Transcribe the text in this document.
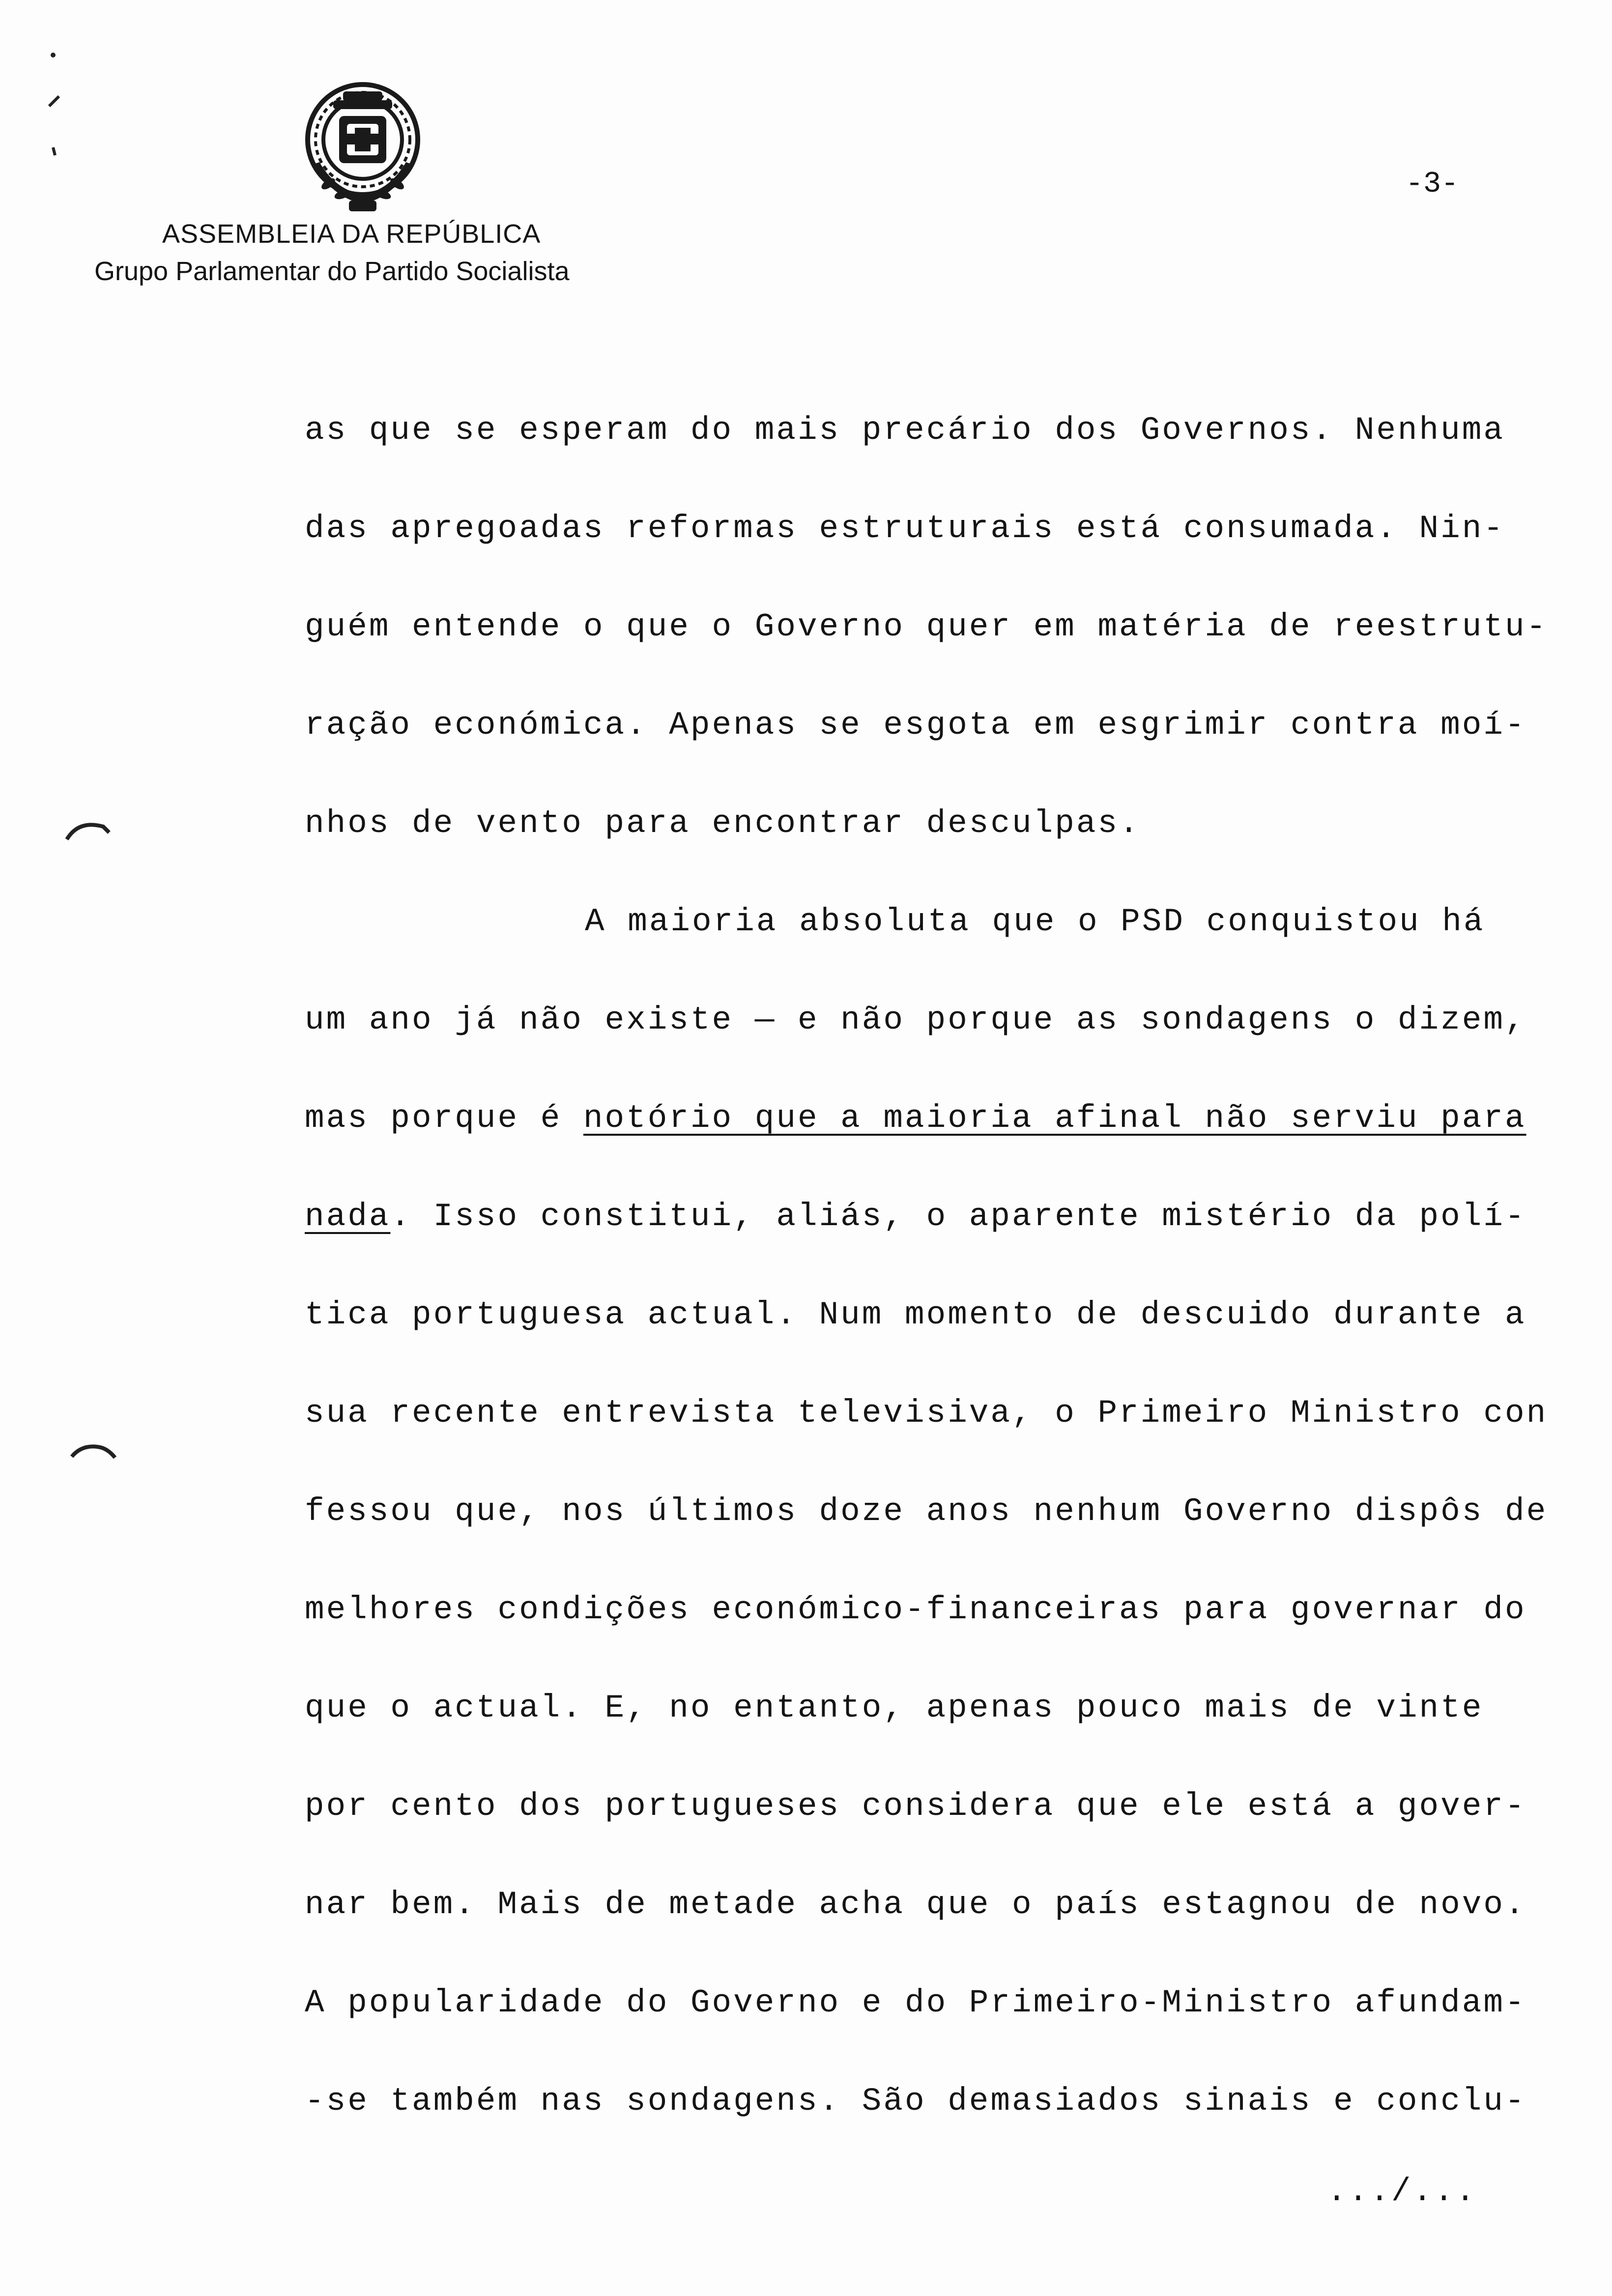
ASSEMBLEIA DA REPÚBLICA
Grupo Parlamentar do Partido Socialista
-3-
as que se esperam do mais precário dos Governos. Nenhuma
das apregoadas reformas estruturais está consumada. Nin-
guém entende o que o Governo quer em matéria de reestrutu-
ração económica. Apenas se esgota em esgrimir contra moí-
nhos de vento para encontrar desculpas.
A maioria absoluta que o PSD conquistou há
um ano já não existe — e não porque as sondagens o dizem,
mas porque é notório que a maioria afinal não serviu para
nada. Isso constitui, aliás, o aparente mistério da polí-
tica portuguesa actual. Num momento de descuido durante a
sua recente entrevista televisiva, o Primeiro Ministro con
fessou que, nos últimos doze anos nenhum Governo dispôs de
melhores condições económico-financeiras para governar do
que o actual. E, no entanto, apenas pouco mais de vinte
por cento dos portugueses considera que ele está a gover-
nar bem. Mais de metade acha que o país estagnou de novo.
A popularidade do Governo e do Primeiro-Ministro afundam-
-se também nas sondagens. São demasiados sinais e conclu-
.../...
